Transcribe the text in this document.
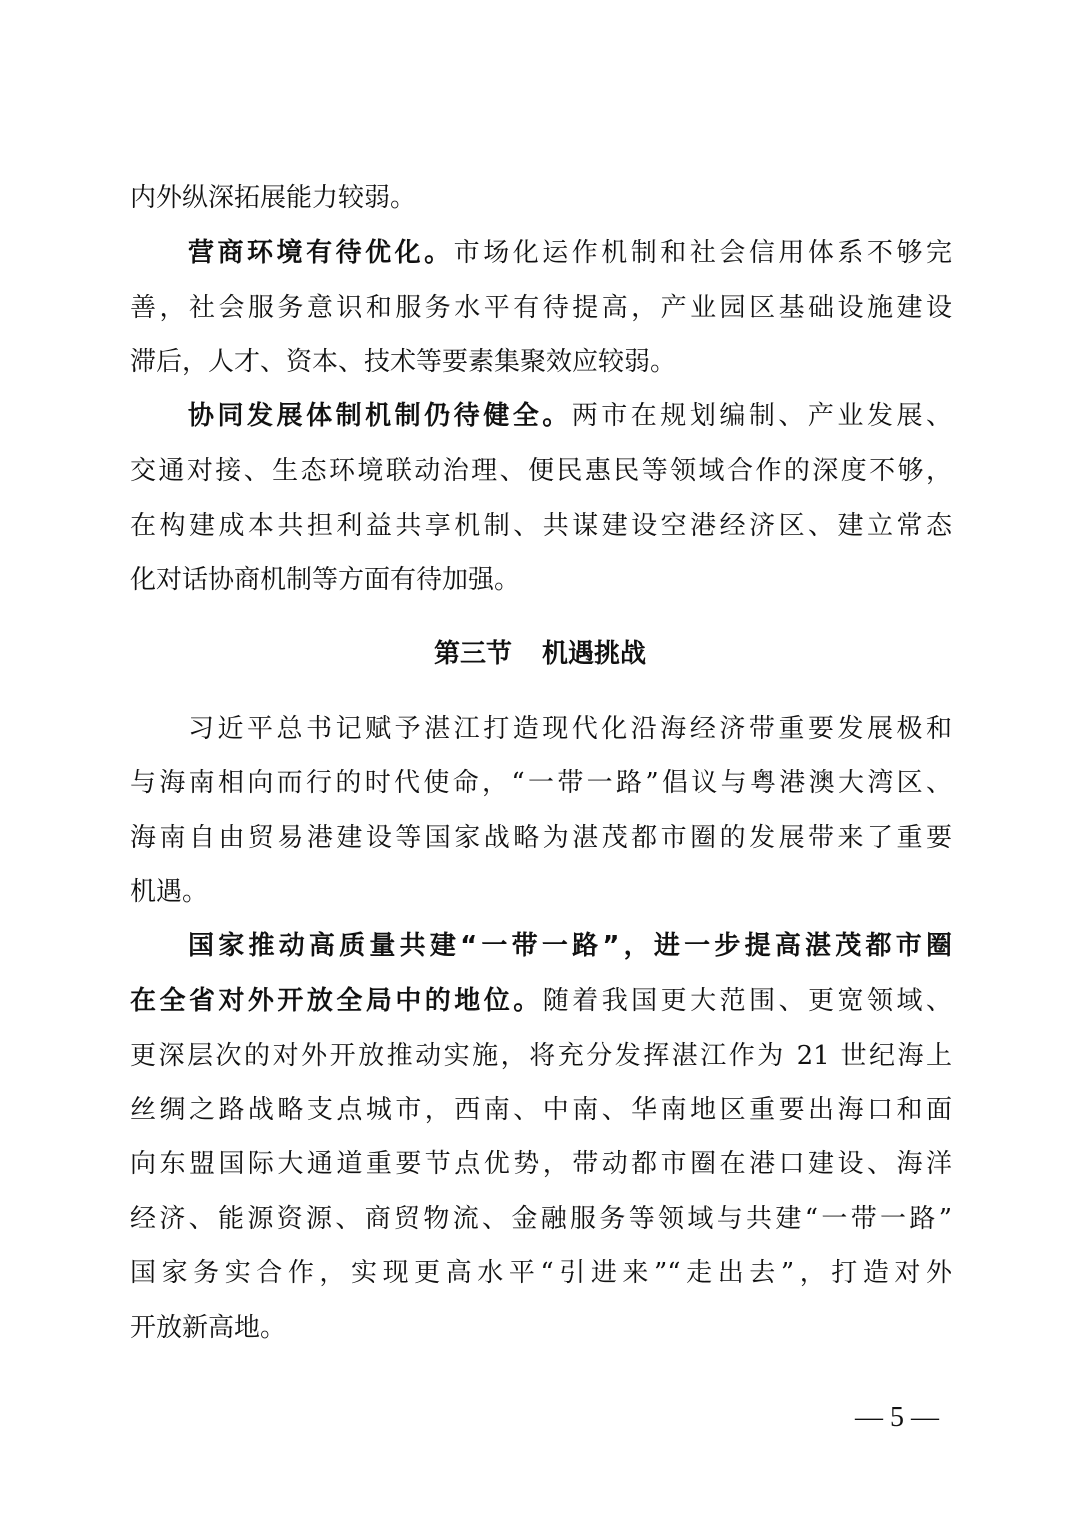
内外纵深拓展能力较弱。
营商环境有待优化。市场化运作机制和社会信用体系不够完
善，社会服务意识和服务水平有待提高，产业园区基础设施建设
滞后，人才、资本、技术等要素集聚效应较弱。
协同发展体制机制仍待健全。两市在规划编制、产业发展、
交通对接、生态环境联动治理、便民惠民等领域合作的深度不够，
在构建成本共担利益共享机制、共谋建设空港经济区、建立常态
化对话协商机制等方面有待加强。
第三节 机遇挑战
习近平总书记赋予湛江打造现代化沿海经济带重要发展极和
与海南相向而行的时代使命，“一带一路”倡议与粤港澳大湾区、
海南自由贸易港建设等国家战略为湛茂都市圈的发展带来了重要
机遇。
国家推动高质量共建“一带一路”，进一步提高湛茂都市圈
在全省对外开放全局中的地位。随着我国更大范围、更宽领域、
更深层次的对外开放推动实施，将充分发挥湛江作为 21 世纪海上
丝绸之路战略支点城市，西南、中南、华南地区重要出海口和面
向东盟国际大通道重要节点优势，带动都市圈在港口建设、海洋
经济、能源资源、商贸物流、金融服务等领域与共建“一带一路”
国家务实合作，实现更高水平“引进来”“走出去”，打造对外
开放新高地。
— 5 —
